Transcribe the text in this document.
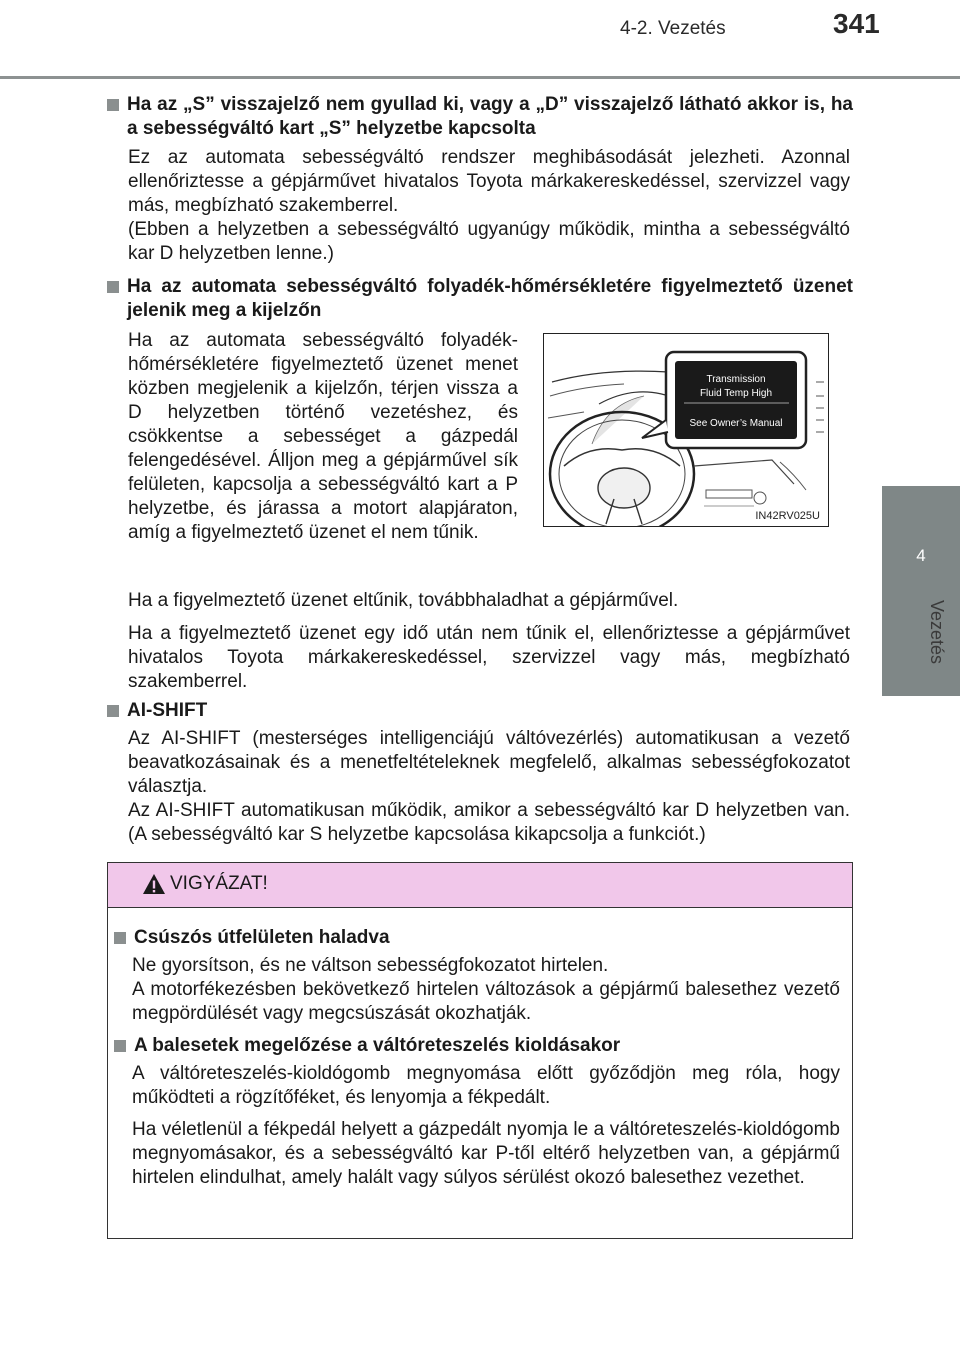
4-2. Vezetés	341
4
Vezetés
Ha az „S” visszajelző nem gyullad ki, vagy a „D” visszajelző látható akkor is, ha a sebességváltó kart „S” helyzetbe kapcsolta
Ez az automata sebességváltó rendszer meghibásodását jelezheti. Azonnal ellenőriztesse a gépjárművet hivatalos Toyota márkakereskedéssel, szervizzel vagy más, megbízható szakemberrel.
(Ebben a helyzetben a sebességváltó ugyanúgy működik, mintha a sebességváltó kar D helyzetben lenne.)
Ha az automata sebességváltó folyadék-hőmérsékletére figyelmeztető üzenet jelenik meg a kijelzőn
Ha az automata sebességváltó folyadék-hőmérsékletére figyelmeztető üzenet menet közben megjelenik a kijelzőn, térjen vissza a D helyzetben történő vezetéshez, és csökkentse a sebességet a gázpedál felengedésével. Álljon meg a gépjárművel sík felületen, kapcsolja a sebességváltó kart a P helyzetbe, és járassa a motort alapjáraton, amíg a figyelmeztető üzenet el nem tűnik.
Transmission
Fluid Temp High
See Owner’s Manual
IN42RV025U
Ha a figyelmeztető üzenet eltűnik, továbbhaladhat a gépjárművel.
Ha a figyelmeztető üzenet egy idő után nem tűnik el, ellenőriztesse a gépjárművet hivatalos Toyota márkakereskedéssel, szervizzel vagy más, megbízható szakemberrel.
AI-SHIFT
Az AI-SHIFT (mesterséges intelligenciájú váltóvezérlés) automatikusan a vezető beavatkozásainak és a menetfeltételeknek megfelelő, alkalmas sebességfokozatot választja.
Az AI-SHIFT automatikusan működik, amikor a sebességváltó kar D helyzetben van. (A sebességváltó kar S helyzetbe kapcsolása kikapcsolja a funkciót.)
VIGYÁZAT!
Csúszós útfelületen haladva
Ne gyorsítson, és ne váltson sebességfokozatot hirtelen.
A motorfékezésben bekövetkező hirtelen változások a gépjármű balesethez vezető megpördülését vagy megcsúszását okozhatják.
A balesetek megelőzése a váltóreteszelés kioldásakor
A váltóreteszelés-kioldógomb megnyomása előtt győződjön meg róla, hogy működteti a rögzítőféket, és lenyomja a fékpedált.
Ha véletlenül a fékpedál helyett a gázpedált nyomja le a váltóreteszelés-kioldógomb megnyomásakor, és a sebességváltó kar P-től eltérő helyzetben van, a gépjármű hirtelen elindulhat, amely halált vagy súlyos sérülést okozó balesethez vezethet.
